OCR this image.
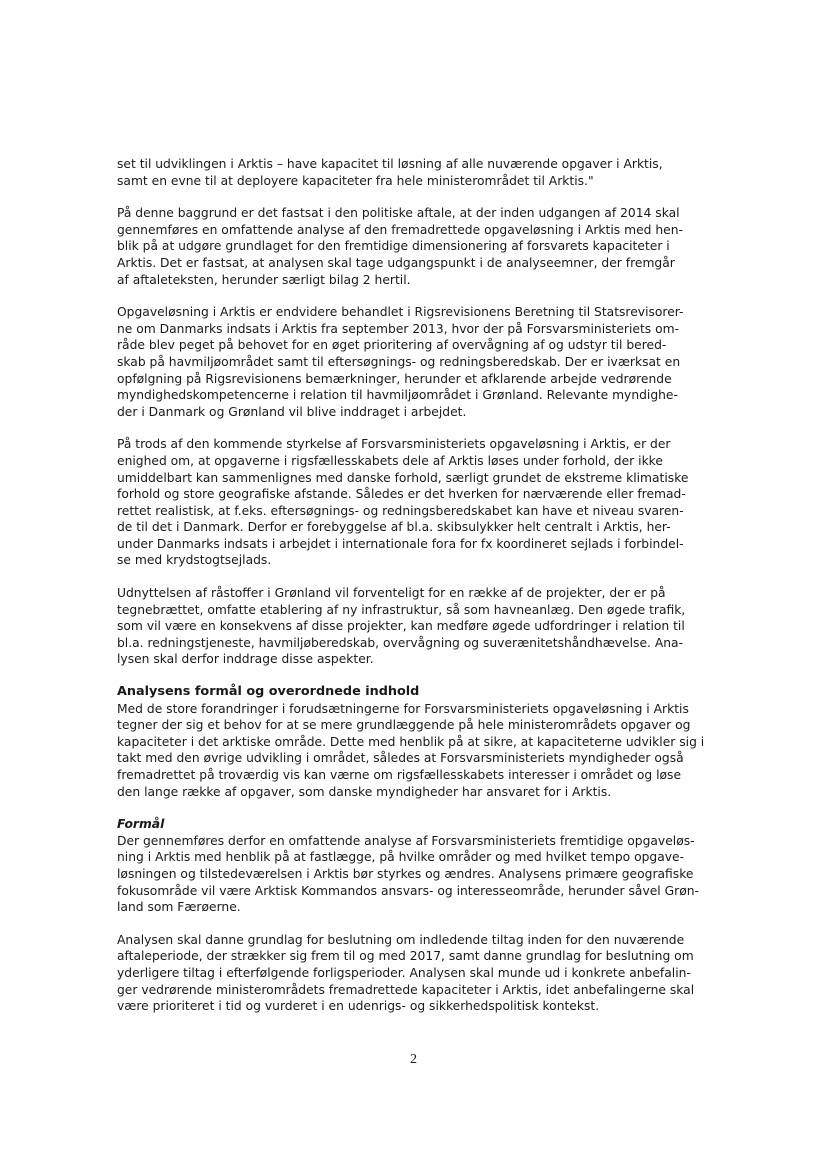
set til udviklingen i Arktis – have kapacitet til løsning af alle nuværende opgaver i Arktis,
samt en evne til at deployere kapaciteter fra hele ministerområdet til Arktis."

På denne baggrund er det fastsat i den politiske aftale, at der inden udgangen af 2014 skal
gennemføres en omfattende analyse af den fremadrettede opgaveløsning i Arktis med hen-
blik på at udgøre grundlaget for den fremtidige dimensionering af forsvarets kapaciteter i
Arktis. Det er fastsat, at analysen skal tage udgangspunkt i de analyseemner, der fremgår
af aftaleteksten, herunder særligt bilag 2 hertil.

Opgaveløsning i Arktis er endvidere behandlet i Rigsrevisionens Beretning til Statsrevisorer-
ne om Danmarks indsats i Arktis fra september 2013, hvor der på Forsvarsministeriets om-
råde blev peget på behovet for en øget prioritering af overvågning af og udstyr til bered-
skab på havmiljøområdet samt til eftersøgnings- og redningsberedskab. Der er iværksat en
opfølgning på Rigsrevisionens bemærkninger, herunder et afklarende arbejde vedrørende
myndighedskompetencerne i relation til havmiljøområdet i Grønland. Relevante myndighe-
der i Danmark og Grønland vil blive inddraget i arbejdet.

På trods af den kommende styrkelse af Forsvarsministeriets opgaveløsning i Arktis, er der
enighed om, at opgaverne i rigsfællesskabets dele af Arktis løses under forhold, der ikke
umiddelbart kan sammenlignes med danske forhold, særligt grundet de ekstreme klimatiske
forhold og store geografiske afstande. Således er det hverken for nærværende eller fremad-
rettet realistisk, at f.eks. eftersøgnings- og redningsberedskabet kan have et niveau svaren-
de til det i Danmark. Derfor er forebyggelse af bl.a. skibsulykker helt centralt i Arktis, her-
under Danmarks indsats i arbejdet i internationale fora for fx koordineret sejlads i forbindel-
se med krydstogtsejlads.

Udnyttelsen af råstoffer i Grønland vil forventeligt for en række af de projekter, der er på
tegnebrættet, omfatte etablering af ny infrastruktur, så som havneanlæg. Den øgede trafik,
som vil være en konsekvens af disse projekter, kan medføre øgede udfordringer i relation til
bl.a. redningstjeneste, havmiljøberedskab, overvågning og suverænitetshåndhævelse. Ana-
lysen skal derfor inddrage disse aspekter.

Analysens formål og overordnede indhold

Med de store forandringer i forudsætningerne for Forsvarsministeriets opgaveløsning i Arktis
tegner der sig et behov for at se mere grundlæggende på hele ministerområdets opgaver og
kapaciteter i det arktiske område. Dette med henblik på at sikre, at kapaciteterne udvikler sig i
takt med den øvrige udvikling i området, således at Forsvarsministeriets myndigheder også
fremadrettet på troværdig vis kan værne om rigsfællesskabets interesser i området og løse
den lange række af opgaver, som danske myndigheder har ansvaret for i Arktis.

Formål

Der gennemføres derfor en omfattende analyse af Forsvarsministeriets fremtidige opgaveløs-
ning i Arktis med henblik på at fastlægge, på hvilke områder og med hvilket tempo opgave-
løsningen og tilstedeværelsen i Arktis bør styrkes og ændres. Analysens primære geografiske
fokusområde vil være Arktisk Kommandos ansvars- og interesseområde, herunder såvel Grøn-
land som Færøerne.

Analysen skal danne grundlag for beslutning om indledende tiltag inden for den nuværende
aftaleperiode, der strækker sig frem til og med 2017, samt danne grundlag for beslutning om
yderligere tiltag i efterfølgende forligsperioder. Analysen skal munde ud i konkrete anbefalin-
ger vedrørende ministerområdets fremadrettede kapaciteter i Arktis, idet anbefalingerne skal
være prioriteret i tid og vurderet i en udenrigs- og sikkerhedspolitisk kontekst.

2
